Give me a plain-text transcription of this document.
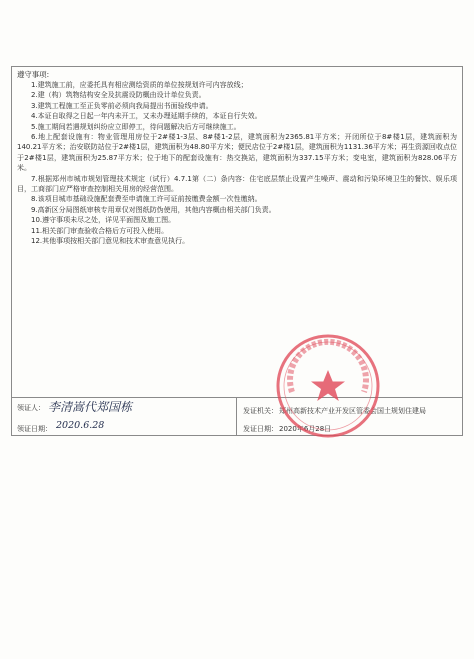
遵守事项:

1.建筑施工前，应委托具有相应测绘资质的单位按规划许可内容放线；

2.建（构）筑物结构安全及抗震设防概由设计单位负责。

3.建筑工程施工至正负零前必须向我局提出书面验线申请。

4.本证自取得之日起一年内未开工，又未办理延期手续的，本证自行失效。

5.施工期间若遇规划纠纷应立即停工，待问题解决后方可继续施工。

6.地上配套设施有：物业管理用房位于2#楼1-3层、8#楼1-2层，建筑面积为2365.81平方米；开闭所位于8#楼1层，建筑面积为140.21平方米；治安联防站位于2#楼1层，建筑面积为48.80平方米；便民店位于2#楼1层，建筑面积为1131.36平方米；再生资源回收点位于2#楼1层，建筑面积为25.87平方米；位于地下的配套设施有：热交换站，建筑面积为337.15平方米；变电室，建筑面积为828.06平方米。

7.根据郑州市城市规划管理技术规定（试行）4.7.1第（二）条内容：住宅底层禁止设置产生噪声、震动和污染环境卫生的餐饮、娱乐项目，工商部门应严格审查控制相关用房的经营范围。

8.该项目城市基础设施配套费至申请施工许可证前按缴费金额一次性缴纳。

9.高新区分局图纸审核专用章仅对图纸防伪使用，其他内容概由相关部门负责。

10.遵守事项未尽之处，详见平面图及施工图。

11.相关部门审查验收合格后方可投入使用。

12.其他事项按相关部门意见和技术审查意见执行。

领证人： 李清嵩代郑国栋
领证日期： 2020.6.28
发证机关： 郑州高新技术产业开发区管委会国土规划住建局
发证日期： 2020年6月28日
